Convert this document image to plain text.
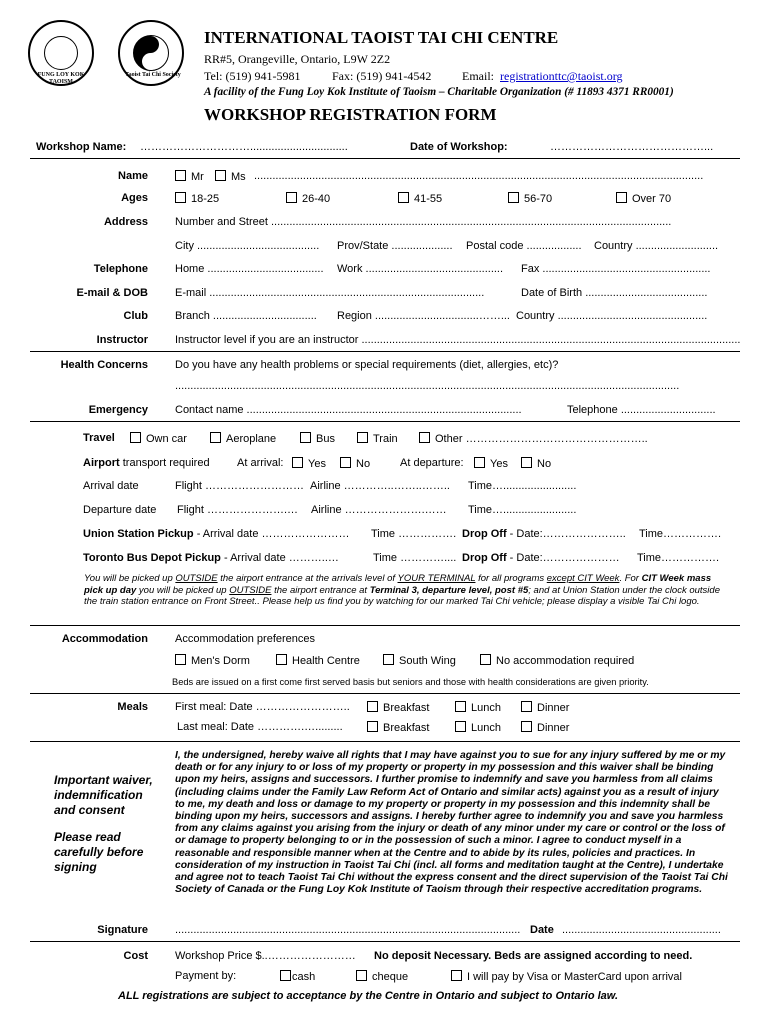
FUNG LOY KOK TAOISM
Taoist Tai Chi Society
INTERNATIONAL TAOIST TAI CHI CENTRE
RR#5, Orangeville, Ontario, L9W 2Z2
Tel: (519) 941-5981	Fax: (519) 941-4542	Email: registrationttc@taoist.org
A facility of the Fung Loy Kok Institute of Taoism – Charitable Organization (# 11893 4371 RR0001)
WORKSHOP REGISTRATION FORM
Workshop Name: …………………………................................	Date of Workshop:	……………………………………...
Name	Mr	Ms ...................................................................................................................................................
Ages	18-25	26-40	41-55	56-70	Over 70
Address Number and Street ...................................................................................................................................
City ........................................ Prov/State .................... Postal code .................. Country ...........................
Telephone Home ...................................... Work ............................................. Fax .......................................................
E-mail & DOB E-mail ..........................................................................................	Date of Birth ........................................
Club Branch .................................. Region ..................................……... Country .................................................
Instructor Instructor level if you are an instructor ............................................................................................................................
Health Concerns Do you have any health problems or special requirements (diet, allergies, etc)?
.....................................................................................................................................................................
Emergency Contact name ..........................................................................................	Telephone ...............................
Travel	Own car	Aeroplane	Bus	Train	Other …………………………………………..
Airport transport required At arrival:	Yes	No	At departure:	Yes	No
Arrival date	Flight ……………………… Airline …………..……..…….. Time…........................
Departure date Flight ………………….… Airline ………………….…… Time…........................
Union Station Pickup - Arrival date …………………… Time ……………. Drop Off - Date:………………….. Time…………….
Toronto Bus Depot Pickup - Arrival date ………..…	Time ………….... Drop Off - Date:………………… Time…………….
You will be picked up OUTSIDE the airport entrance at the arrivals level of YOUR TERMINAL for all programs except CIT Week. For CIT Week mass pick up day you will be picked up OUTSIDE the airport entrance at Terminal 3, departure level, post #5; and at Union Station under the clock outside the train station entrance on Front Street.. Please help us find you by watching for our marked Tai Chi vehicle; please display a visible Tai Chi logo.
Accommodation Accommodation preferences
Men's Dorm	Health Centre	South Wing	No accommodation required
Beds are issued on a first come first served basis but seniors and those with health considerations are given priority.
Meals First meal: Date ……………………..	Breakfast	Lunch	Dinner
Last meal: Date ………….….........	Breakfast	Lunch	Dinner
Important waiver, indemnification and consent
Please read carefully before signing
I, the undersigned, hereby waive all rights that I may have against you to sue for any injury suffered by me or my death or for any injury to or loss of my property or property in my possession and this waiver shall be binding upon my heirs, assigns and successors. I further promise to indemnify and save you harmless from all claims (including claims under the Family Law Reform Act of Ontario and similar acts) against you as a result of injury to me, my death and loss or damage to my property or property in my possession and this indemnity shall be binding upon my heirs, successors and assigns. I hereby further agree to indemnify you and save you harmless from any claims against you arising from the injury or death of any minor under my care or control or the loss of or damage to property belonging to or in the possession of such a minor. I agree to conduct myself in a reasonable and responsible manner when at the Centre and to abide by its rules, policies and practices. In consideration of my instruction in Taoist Tai Chi (incl. all forms and meditation taught at the Centre), I undertake and agree not to teach Taoist Tai Chi without the express consent and the direct supervision of the Taoist Tai Chi Society of Canada or the Fung Loy Kok Institute of Taoism through their respective accreditation programs.
Signature ................................................................................................................. Date ....................................................
Cost Workshop Price $..…………………… No deposit Necessary. Beds are assigned according to need.
Payment by:	cash	cheque	I will pay by Visa or MasterCard upon arrival
ALL registrations are subject to acceptance by the Centre in Ontario and subject to Ontario law.
